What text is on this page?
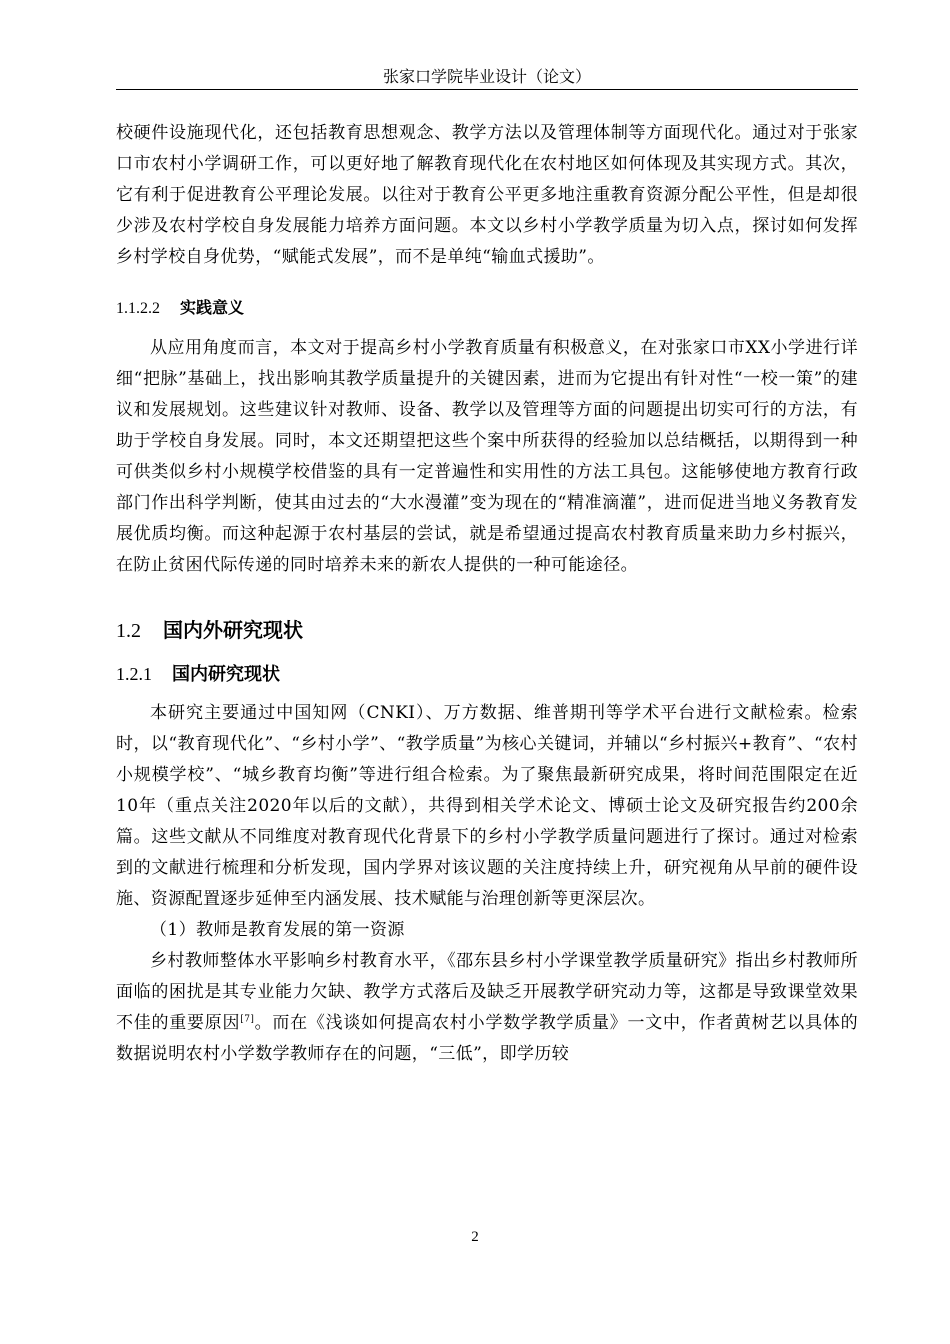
张家口学院毕业设计（论文）

校硬件设施现代化，还包括教育思想观念、教学方法以及管理体制等方面现代化。通过对于张家口市农村小学调研工作，可以更好地了解教育现代化在农村地区如何体现及其实现方式。其次，它有利于促进教育公平理论发展。以往对于教育公平更多地注重教育资源分配公平性，但是却很少涉及农村学校自身发展能力培养方面问题。本文以乡村小学教学质量为切入点，探讨如何发挥乡村学校自身优势，“赋能式发展”，而不是单纯“输血式援助”。

1.1.2.2 实践意义

从应用角度而言，本文对于提高乡村小学教育质量有积极意义，在对张家口市XX小学进行详细“把脉”基础上，找出影响其教学质量提升的关键因素，进而为它提出有针对性“一校一策”的建议和发展规划。这些建议针对教师、设备、教学以及管理等方面的问题提出切实可行的方法，有助于学校自身发展。同时，本文还期望把这些个案中所获得的经验加以总结概括，以期得到一种可供类似乡村小规模学校借鉴的具有一定普遍性和实用性的方法工具包。这能够使地方教育行政部门作出科学判断，使其由过去的“大水漫灌”变为现在的“精准滴灌”，进而促进当地义务教育发展优质均衡。而这种起源于农村基层的尝试，就是希望通过提高农村教育质量来助力乡村振兴，在防止贫困代际传递的同时培养未来的新农人提供的一种可能途径。

1.2 国内外研究现状
1.2.1 国内研究现状

本研究主要通过中国知网（CNKI）、万方数据、维普期刊等学术平台进行文献检索。检索时，以“教育现代化”、“乡村小学”、“教学质量”为核心关键词，并辅以“乡村振兴+教育”、“农村小规模学校”、“城乡教育均衡”等进行组合检索。为了聚焦最新研究成果，将时间范围限定在近10年（重点关注2020年以后的文献），共得到相关学术论文、博硕士论文及研究报告约200余篇。这些文献从不同维度对教育现代化背景下的乡村小学教学质量问题进行了探讨。通过对检索到的文献进行梳理和分析发现，国内学界对该议题的关注度持续上升，研究视角从早前的硬件设施、资源配置逐步延伸至内涵发展、技术赋能与治理创新等更深层次。

（1）教师是教育发展的第一资源

乡村教师整体水平影响乡村教育水平，《邵东县乡村小学课堂教学质量研究》指出乡村教师所面临的困扰是其专业能力欠缺、教学方式落后及缺乏开展教学研究动力等，这都是导致课堂效果不佳的重要原因[7]。而在《浅谈如何提高农村小学数学教学质量》一文中，作者黄树艺以具体的数据说明农村小学数学教师存在的问题，“三低”，即学历较

2
